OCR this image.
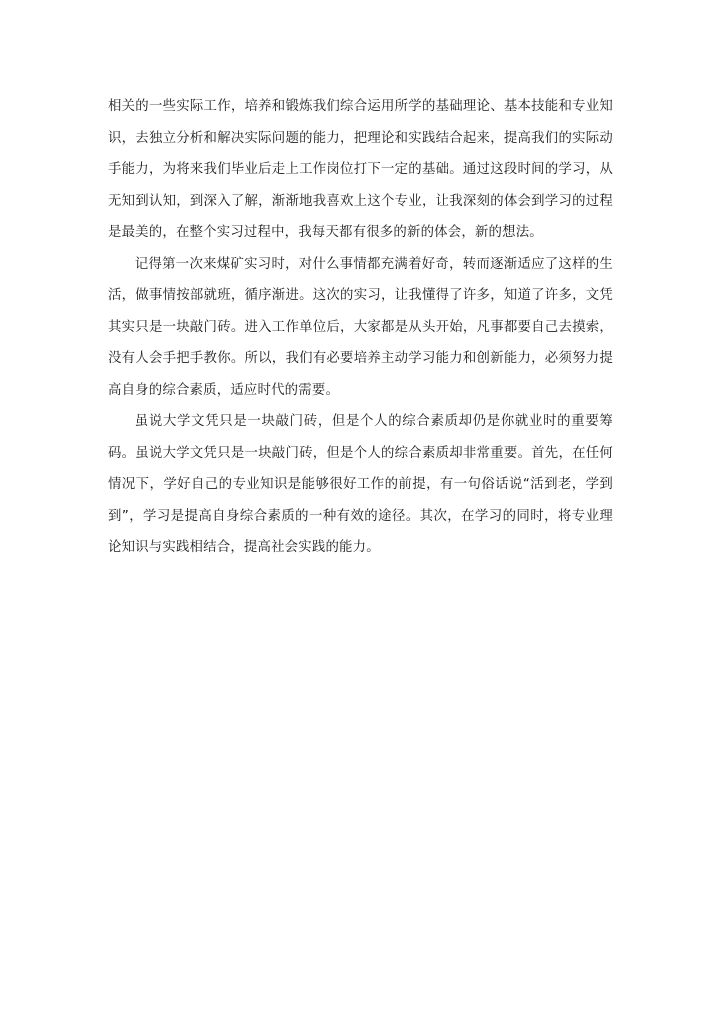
相关的一些实际工作，培养和锻炼我们综合运用所学的基础理论、基本技能和专业知识，去独立分析和解决实际问题的能力，把理论和实践结合起来，提高我们的实际动手能力，为将来我们毕业后走上工作岗位打下一定的基础。通过这段时间的学习，从无知到认知，到深入了解，渐渐地我喜欢上这个专业，让我深刻的体会到学习的过程是最美的，在整个实习过程中，我每天都有很多的新的体会，新的想法。

记得第一次来煤矿实习时，对什么事情都充满着好奇，转而逐渐适应了这样的生活，做事情按部就班，循序渐进。这次的实习，让我懂得了许多，知道了许多，文凭其实只是一块敲门砖。进入工作单位后，大家都是从头开始，凡事都要自己去摸索，没有人会手把手教你。所以，我们有必要培养主动学习能力和创新能力，必须努力提高自身的综合素质，适应时代的需要。

虽说大学文凭只是一块敲门砖，但是个人的综合素质却仍是你就业时的重要筹码。虽说大学文凭只是一块敲门砖，但是个人的综合素质却非常重要。首先，在任何情况下，学好自己的专业知识是能够很好工作的前提，有一句俗话说“活到老，学到到”，学习是提高自身综合素质的一种有效的途径。其次，在学习的同时，将专业理论知识与实践相结合，提高社会实践的能力。
